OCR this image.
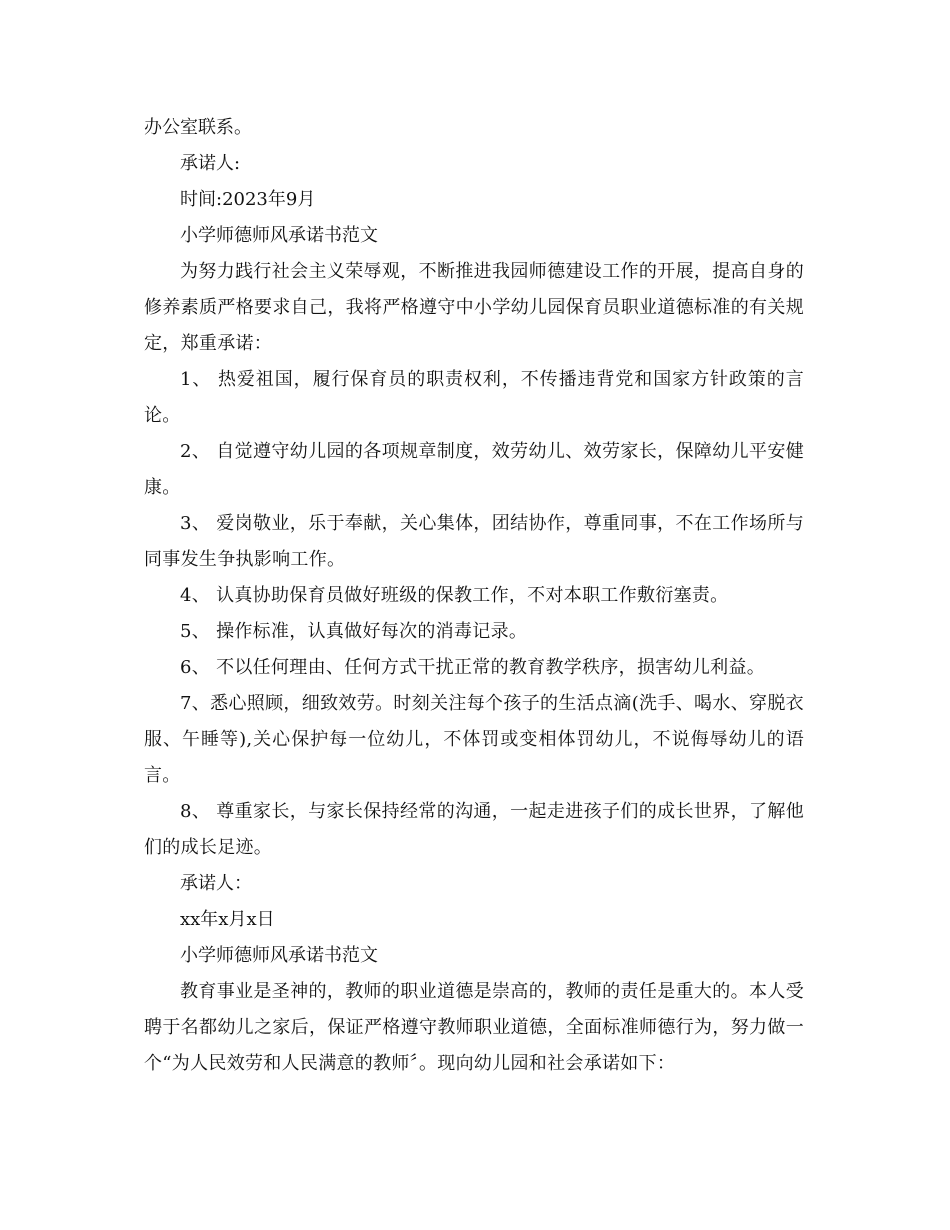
办公室联系。

承诺人:

时间:2023年9月

小学师德师风承诺书范文

为努力践行社会主义荣辱观，不断推进我园师德建设工作的开展，提高自身的修养素质严格要求自己，我将严格遵守中小学幼儿园保育员职业道德标准的有关规定，郑重承诺：

1、 热爱祖国，履行保育员的职责权利，不传播违背党和国家方针政策的言论。

2、 自觉遵守幼儿园的各项规章制度，效劳幼儿、效劳家长，保障幼儿平安健康。

3、 爱岗敬业，乐于奉献，关心集体，团结协作，尊重同事，不在工作场所与同事发生争执影响工作。

4、 认真协助保育员做好班级的保教工作，不对本职工作敷衍塞责。

5、 操作标准，认真做好每次的消毒记录。

6、 不以任何理由、任何方式干扰正常的教育教学秩序，损害幼儿利益。

7、悉心照顾，细致效劳。时刻关注每个孩子的生活点滴(洗手、喝水、穿脱衣服、午睡等),关心保护每一位幼儿，不体罚或变相体罚幼儿，不说侮辱幼儿的语言。

8、 尊重家长，与家长保持经常的沟通，一起走进孩子们的成长世界，了解他们的成长足迹。

承诺人：

xx年x月x日

小学师德师风承诺书范文

教育事业是圣神的，教师的职业道德是崇高的，教师的责任是重大的。本人受聘于名都幼儿之家后，保证严格遵守教师职业道德，全面标准师德行为，努力做一个“为人民效劳和人民满意的教师〞。现向幼儿园和社会承诺如下：
